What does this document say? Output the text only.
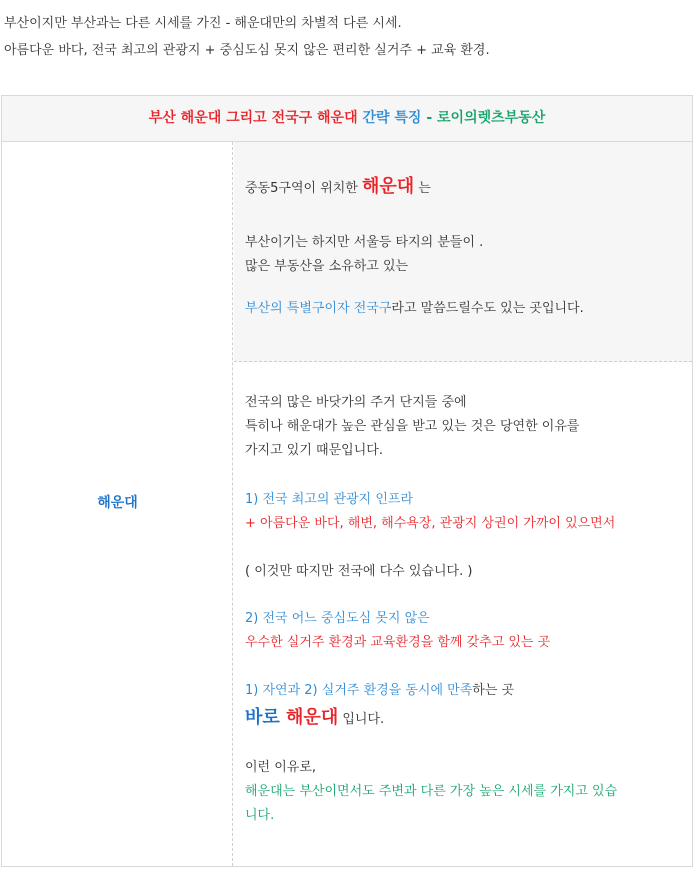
부산이지만 부산과는 다른 시세를 가진 - 해운대만의 차별적 다른 시세.
아름다운 바다, 전국 최고의 관광지 + 중심도심 못지 않은 편리한 실거주 + 교육 환경.
부산 해운대 그리고 전국구 해운대 간략 특징 - 로이의렛츠부동산
해운대
중동5구역이 위치한 해운대 는
부산이기는 하지만 서울등 타지의 분들이 .
많은 부동산을 소유하고 있는
부산의 특별구이자 전국구라고 말씀드릴수도 있는 곳입니다.
전국의 많은 바닷가의 주거 단지들 중에
특히나 해운대가 높은 관심을 받고 있는 것은 당연한 이유를
가지고 있기 때문입니다.
1) 전국 최고의 관광지 인프라
+ 아름다운 바다, 해변, 해수욕장, 관광지 상권이 가까이 있으면서
( 이것만 따지만 전국에 다수 있습니다. )
2) 전국 어느 중심도심 못지 않은
우수한 실거주 환경과 교육환경을 함께 갖추고 있는 곳
1) 자연과 2) 실거주 환경을 동시에 만족하는 곳
바로 해운대 입니다.
이런 이유로,
해운대는 부산이면서도 주변과 다른 가장 높은 시세를 가지고 있습
니다.
